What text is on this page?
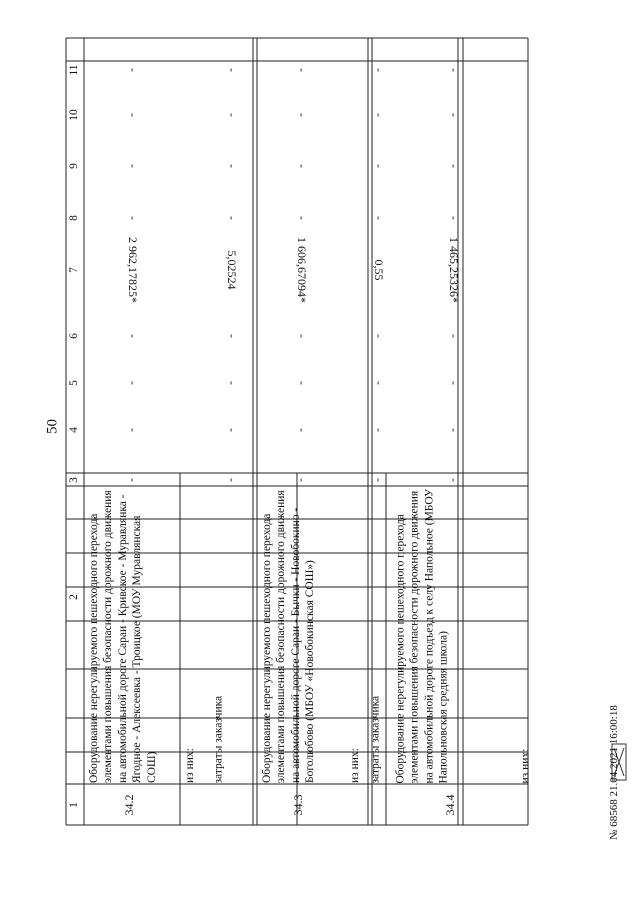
50
1
2
3
4
5
6
7
8
9
10
11
34.2
Оборудование нерегулируемого пешеходного перехода элементами повышения безопасности дорожного движения на автомобильной дороге Сараи - Кривское - Муравлянка - Ягодное - Алексеевка - Троицкое (МОУ Муравлянская СОШ)
-
-
-
-
2 962,17825*
-
-
-
-
из них:	затраты заказчика
-
-
-
-
5,02524
-
-
-
-
34.3
Оборудование нерегулируемого пешеходного перехода элементами повышения безопасности дорожного движения на автомобильной дороге Сараи - Бычки - Новобокино - Боголюбово (МБОУ «Новобокинская СОШ»)
-
-
-
-
1 606,67094*
-
-
-
-
из них: затраты заказчика
-
-
-
-
0,55
-
-
-
-
34.4
Оборудование нерегулируемого пешеходного перехода элементами повышения безопасности дорожного движения на автомобильной дороге подъезд к селу Напольное (МБОУ Напольновская средняя школа)
-
-
-
-
1 465,25326*
-
-
-
-
из них:	№ 68568 21.04.2021 16:00:18
